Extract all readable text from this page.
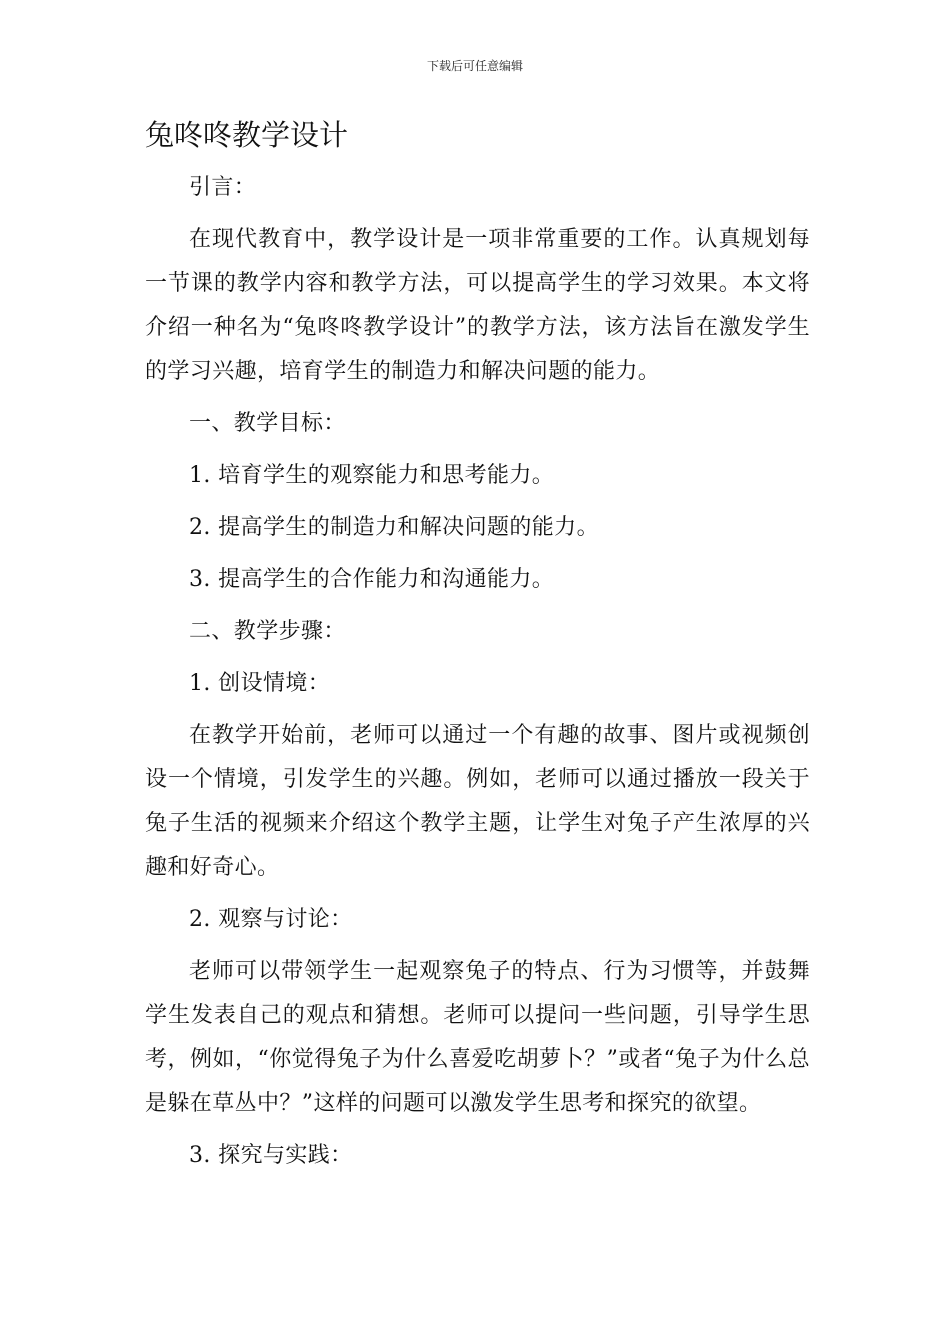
下载后可任意编辑
兔咚咚教学设计

引言：

在现代教育中，教学设计是一项非常重要的工作。认真规划每一节课的教学内容和教学方法，可以提高学生的学习效果。本文将介绍一种名为“兔咚咚教学设计”的教学方法，该方法旨在激发学生的学习兴趣，培育学生的制造力和解决问题的能力。

一、教学目标：

1. 培育学生的观察能力和思考能力。

2. 提高学生的制造力和解决问题的能力。

3. 提高学生的合作能力和沟通能力。

二、教学步骤：

1. 创设情境：

在教学开始前，老师可以通过一个有趣的故事、图片或视频创设一个情境，引发学生的兴趣。例如，老师可以通过播放一段关于兔子生活的视频来介绍这个教学主题，让学生对兔子产生浓厚的兴趣和好奇心。

2. 观察与讨论：

老师可以带领学生一起观察兔子的特点、行为习惯等，并鼓舞学生发表自己的观点和猜想。老师可以提问一些问题，引导学生思考，例如，“你觉得兔子为什么喜爱吃胡萝卜？”或者“兔子为什么总是躲在草丛中？”这样的问题可以激发学生思考和探究的欲望。

3. 探究与实践：
